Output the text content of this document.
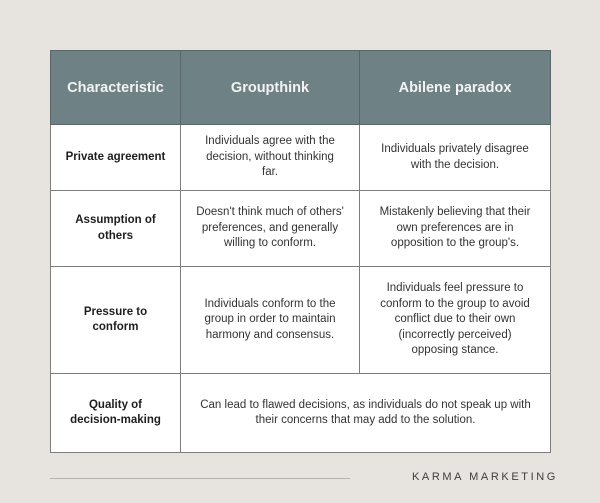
Characteristic	Groupthink	Abilene paradox
Private agreement	Individuals agree with the decision, without thinking far.	Individuals privately disagree with the decision.
Assumption of others	Doesn't think much of others' preferences, and generally willing to conform.	Mistakenly believing that their own preferences are in opposition to the group's.
Pressure to conform	Individuals conform to the group in order to maintain harmony and consensus.	Individuals feel pressure to conform to the group to avoid conflict due to their own (incorrectly perceived) opposing stance.
Quality of decision-making	Can lead to flawed decisions, as individuals do not speak up with their concerns that may add to the solution.	
KARMA MARKETING
